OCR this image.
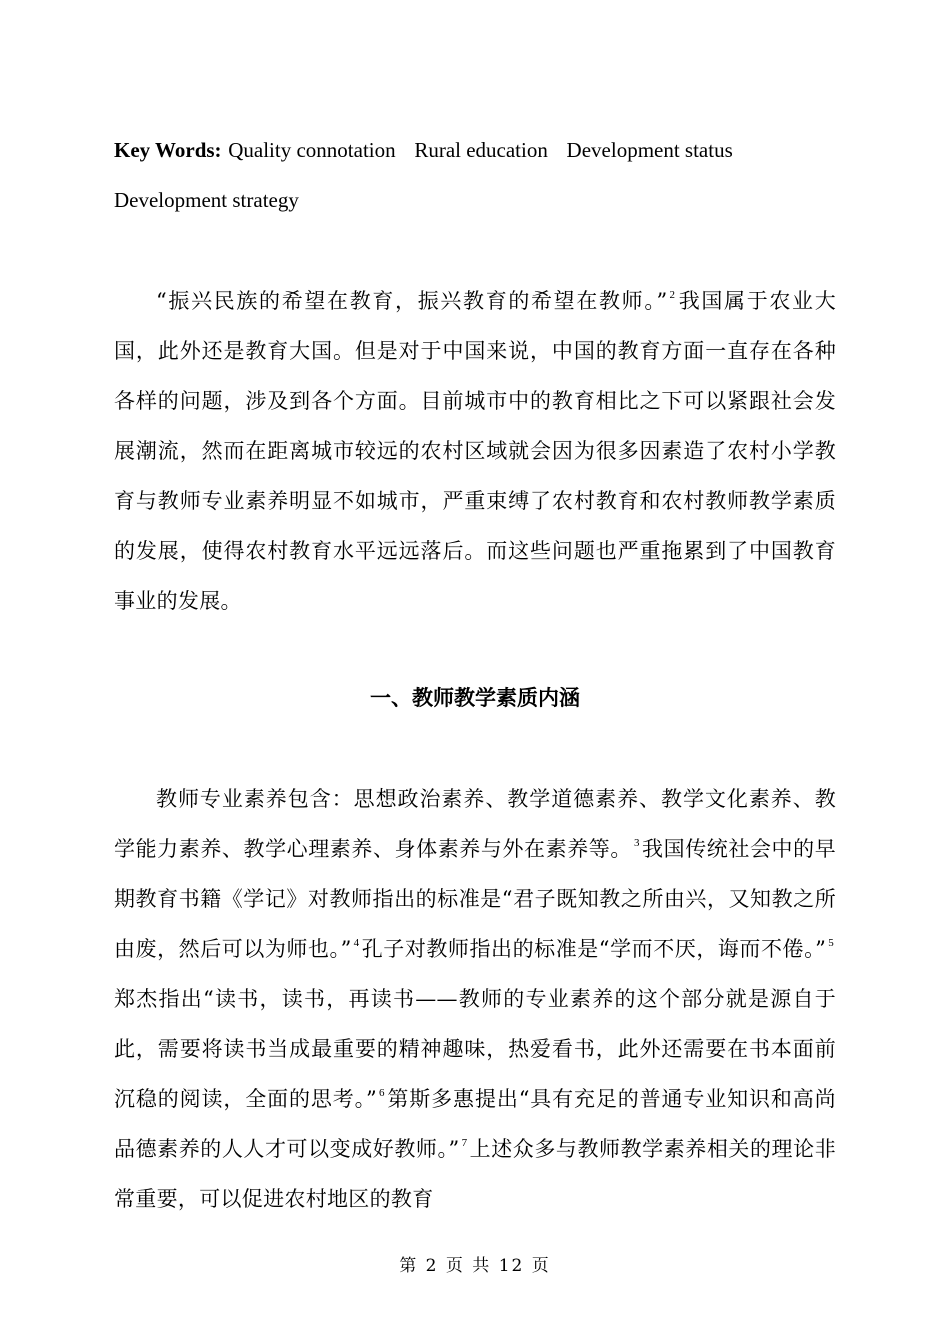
Key Words: Quality connotation Rural education Development status

Development strategy

“振兴民族的希望在教育，振兴教育的希望在教师。” $^2$我国属于农业大国，此外还是教育大国。但是对于中国来说，中国的教育方面一直存在各种各样的问题，涉及到各个方面。目前城市中的教育相比之下可以紧跟社会发展潮流，然而在距离城市较远的农村区域就会因为很多因素造了农村小学教育与教师专业素养明显不如城市，严重束缚了农村教育和农村教师教学素质的发展，使得农村教育水平远远落后。而这些问题也严重拖累到了中国教育事业的发展。

一、教师教学素质内涵

教师专业素养包含：思想政治素养、教学道德素养、教学文化素养、教学能力素养、教学心理素养、身体素养与外在素养等。 $^3$我国传统社会中的早期教育书籍《学记》对教师指出的标准是“君子既知教之所由兴，又知教之所由废，然后可以为师也。” $^4$孔子对教师指出的标准是“学而不厌，诲而不倦。” $^5$郑杰指出“读书，读书，再读书——教师的专业素养的这个部分就是源自于此，需要将读书当成最重要的精神趣味，热爱看书，此外还需要在书本面前沉稳的阅读，全面的思考。” $^6$第斯多惠提出“具有充足的普通专业知识和高尚品德素养的人人才可以变成好教师。” $^7$上述众多与教师教学素养相关的理论非常重要，可以促进农村地区的教育

第 2 页 共 12 页
